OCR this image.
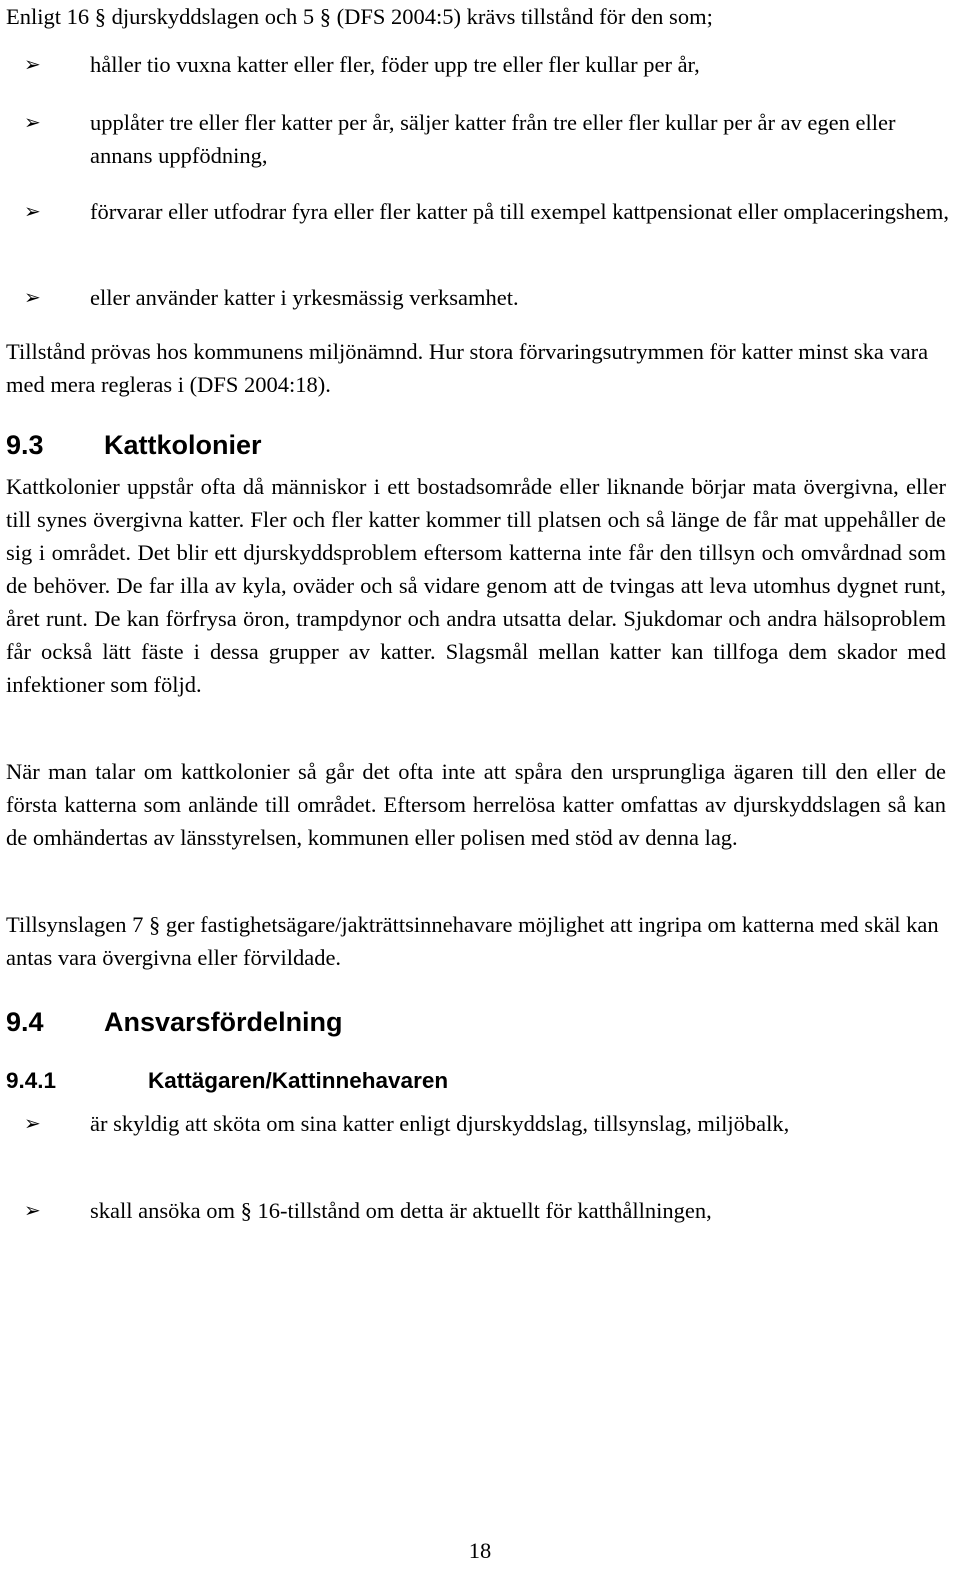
Enligt 16 § djurskyddslagen och 5 § (DFS 2004:5) krävs tillstånd för den som;

➢ håller tio vuxna katter eller fler, föder upp tre eller fler kullar per år,

➢ upplåter tre eller fler katter per år, säljer katter från tre eller fler kullar per år av egen eller annans uppfödning,

➢ förvarar eller utfodrar fyra eller fler katter på till exempel kattpensionat eller omplaceringshem,

➢ eller använder katter i yrkesmässig verksamhet.

Tillstånd prövas hos kommunens miljönämnd. Hur stora förvaringsutrymmen för katter minst ska vara med mera regleras i (DFS 2004:18).

9.3 Kattkolonier

Kattkolonier uppstår ofta då människor i ett bostadsområde eller liknande börjar mata övergivna, eller till synes övergivna katter. Fler och fler katter kommer till platsen och så länge de får mat uppehåller de sig i området. Det blir ett djurskyddsproblem eftersom katterna inte får den tillsyn och omvårdnad som de behöver. De far illa av kyla, oväder och så vidare genom att de tvingas att leva utomhus dygnet runt, året runt. De kan förfrysa öron, trampdynor och andra utsatta delar. Sjukdomar och andra hälsoproblem får också lätt fäste i dessa grupper av katter. Slagsmål mellan katter kan tillfoga dem skador med infektioner som följd.

När man talar om kattkolonier så går det ofta inte att spåra den ursprungliga ägaren till den eller de första katterna som anlände till området. Eftersom herrelösa katter omfattas av djurskyddslagen så kan de omhändertas av länsstyrelsen, kommunen eller polisen med stöd av denna lag.

Tillsynslagen 7 § ger fastighetsägare/jakträttsinnehavare möjlighet att ingripa om katterna med skäl kan antas vara övergivna eller förvildade.

9.4 Ansvarsfördelning
9.4.1	Kattägaren/Kattinnehavaren

➢ är skyldig att sköta om sina katter enligt djurskyddslag, tillsynslag, miljöbalk,

➢ skall ansöka om § 16-tillstånd om detta är aktuellt för katthållningen,

18
